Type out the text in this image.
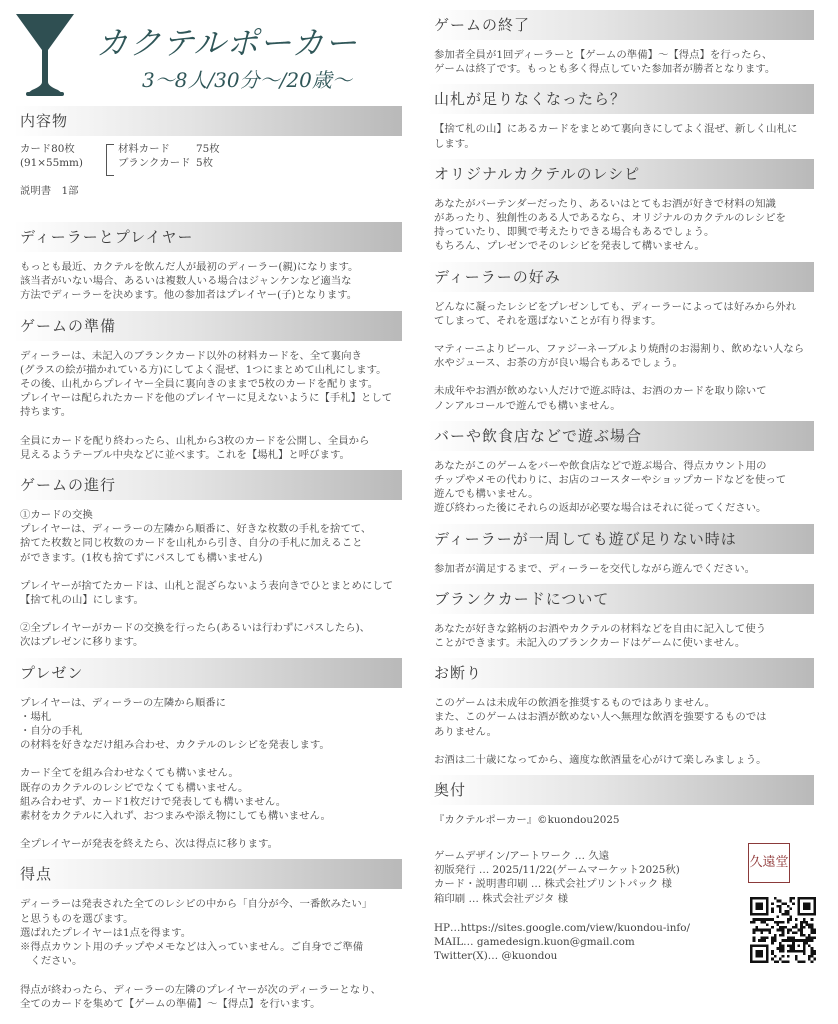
カクテルポーカー
3〜8人/30分〜/20歳〜
内容物
カード80枚
(91×55mm)
材料カード	75枚
ブランクカード 5枚
説明書　1部
ディーラーとプレイヤー

もっとも最近、カクテルを飲んだ人が最初のディーラー(親)になります。
該当者がいない場合、あるいは複数人いる場合はジャンケンなど適当な
方法でディーラーを決めます。他の参加者はプレイヤー(子)となります。

ゲームの準備

ディーラーは、未記入のブランクカード以外の材料カードを、全て裏向き
(グラスの絵が描かれている方)にしてよく混ぜ、1つにまとめて山札にします。
その後、山札からプレイヤー全員に裏向きのままで5枚のカードを配ります。
プレイヤーは配られたカードを他のプレイヤーに見えないように【手札】として
持ちます。

全員にカードを配り終わったら、山札から3枚のカードを公開し、全員から
見えるようテーブル中央などに並べます。これを【場札】と呼びます。

ゲームの進行

①カードの交換
プレイヤーは、ディーラーの左隣から順番に、好きな枚数の手札を捨てて、
捨てた枚数と同じ枚数のカードを山札から引き、自分の手札に加えること
ができます。(1枚も捨てずにパスしても構いません)

プレイヤーが捨てたカードは、山札と混ざらないよう表向きでひとまとめにして
【捨て札の山】にします。

②全プレイヤーがカードの交換を行ったら(あるいは行わずにパスしたら)、
次はプレゼンに移ります。

プレゼン

プレイヤーは、ディーラーの左隣から順番に
・場札
・自分の手札
の材料を好きなだけ組み合わせ、カクテルのレシピを発表します。

カード全てを組み合わせなくても構いません。
既存のカクテルのレシピでなくても構いません。
組み合わせず、カード1枚だけで発表しても構いません。
素材をカクテルに入れず、おつまみや添え物にしても構いません。

全プレイヤーが発表を終えたら、次は得点に移ります。

得点

ディーラーは発表された全てのレシピの中から「自分が今、一番飲みたい」
と思うものを選びます。
選ばれたプレイヤーは1点を得ます。
※得点カウント用のチップやメモなどは入っていません。ご自身でご準備
　ください。

得点が終わったら、ディーラーの左隣のプレイヤーが次のディーラーとなり、
全てのカードを集めて【ゲームの準備】〜【得点】を行います。

ゲームの終了

参加者全員が1回ディーラーと【ゲームの準備】〜【得点】を行ったら、
ゲームは終了です。もっとも多く得点していた参加者が勝者となります。

山札が足りなくなったら？

【捨て札の山】にあるカードをまとめて裏向きにしてよく混ぜ、新しく山札に
します。

オリジナルカクテルのレシピ

あなたがバーテンダーだったり、あるいはとてもお酒が好きで材料の知識
があったり、独創性のある人であるなら、オリジナルのカクテルのレシピを
持っていたり、即興で考えたりできる場合もあるでしょう。
もちろん、プレゼンでそのレシピを発表して構いません。

ディーラーの好み

どんなに凝ったレシピをプレゼンしても、ディーラーによっては好みから外れ
てしまって、それを選ばないことが有り得ます。

マティーニよりビール、ファジーネーブルより焼酎のお湯割り、飲めない人なら
水やジュース、お茶の方が良い場合もあるでしょう。

未成年やお酒が飲めない人だけで遊ぶ時は、お酒のカードを取り除いて
ノンアルコールで遊んでも構いません。

バーや飲食店などで遊ぶ場合

あなたがこのゲームをバーや飲食店などで遊ぶ場合、得点カウント用の
チップやメモの代わりに、お店のコースターやショップカードなどを使って
遊んでも構いません。
遊び終わった後にそれらの返却が必要な場合はそれに従ってください。

ディーラーが一周しても遊び足りない時は

参加者が満足するまで、ディーラーを交代しながら遊んでください。

ブランクカードについて

あなたが好きな銘柄のお酒やカクテルの材料などを自由に記入して使う
ことができます。未記入のブランクカードはゲームに使いません。

お断り

このゲームは未成年の飲酒を推奨するものではありません。
また、このゲームはお酒が飲めない人へ無理な飲酒を強要するものでは
ありません。

お酒は二十歳になってから、適度な飲酒量を心がけて楽しみましょう。

奥付
『カクテルポーカー』©kuondou2025
ゲームデザイン/アートワーク … 久遠
初版発行 … 2025/11/22(ゲームマーケット2025秋)
カード・説明書印刷 … 株式会社プリントパック 様
箱印刷 … 株式会社デジタ 様
HP…https://sites.google.com/view/kuondou-info/
MAIL… gamedesign.kuon@gmail.com
Twitter(X)… @kuondou
久遠堂
